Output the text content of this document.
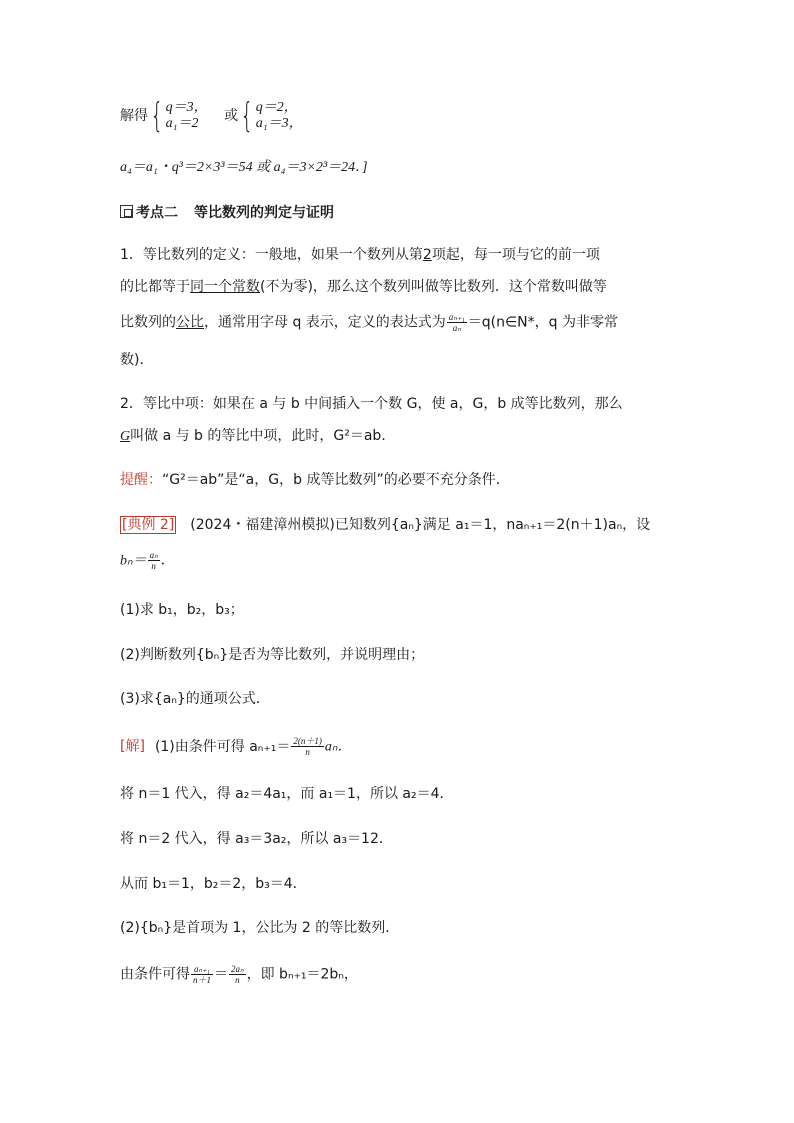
解得{ q＝3，
a₁＝2	或{ q＝2，
a₁＝3，
a₄＝a₁・q³＝2×3³＝54 或 a₄＝3×2³＝24．]
考点二 等比数列的判定与证明
1．等比数列的定义：一般地，如果一个数列从第2项起，每一项与它的前一项
的比都等于同一个常数(不为零)，那么这个数列叫做等比数列．这个常数叫做等
比数列的公比，通常用字母 q 表示，定义的表达式为 $\frac{\text{aₙ₊₁}}{\text{aₙ}}$ ＝q(n∈N*，q 为非零常
数)．
2．等比中项：如果在 a 与 b 中间插入一个数 G，使 a，G，b 成等比数列，那么
G叫做 a 与 b 的等比中项，此时，G²＝ab．
提醒：“G²＝ab”是“a，G，b 成等比数列”的必要不充分条件．
[典例 2] (2024・福建漳州模拟)已知数列{aₙ}满足 a₁＝1，naₙ₊₁＝2(n＋1)aₙ，设
$b_n= \frac{\text{aₙ}}{n}$ ．
(1)求 b₁，b₂，b₃；
(2)判断数列{bₙ}是否为等比数列，并说明理由；
(3)求{aₙ}的通项公式．
[解] (1)由条件可得 $a_{n+1}= \frac{2(n+1)}{n}$ aₙ．
将 n＝1 代入，得 a₂＝4a₁，而 a₁＝1，所以 a₂＝4．
将 n＝2 代入，得 a₃＝3a₂，所以 a₃＝12．
从而 b₁＝1，b₂＝2，b₃＝4．
(2){bₙ}是首项为 1，公比为 2 的等比数列．
由条件可得 $\frac{\text{aₙ₊₁}}{n+1} = \frac{\text{2aₙ}}{n}$ ，即 bₙ₊₁＝2bₙ，
